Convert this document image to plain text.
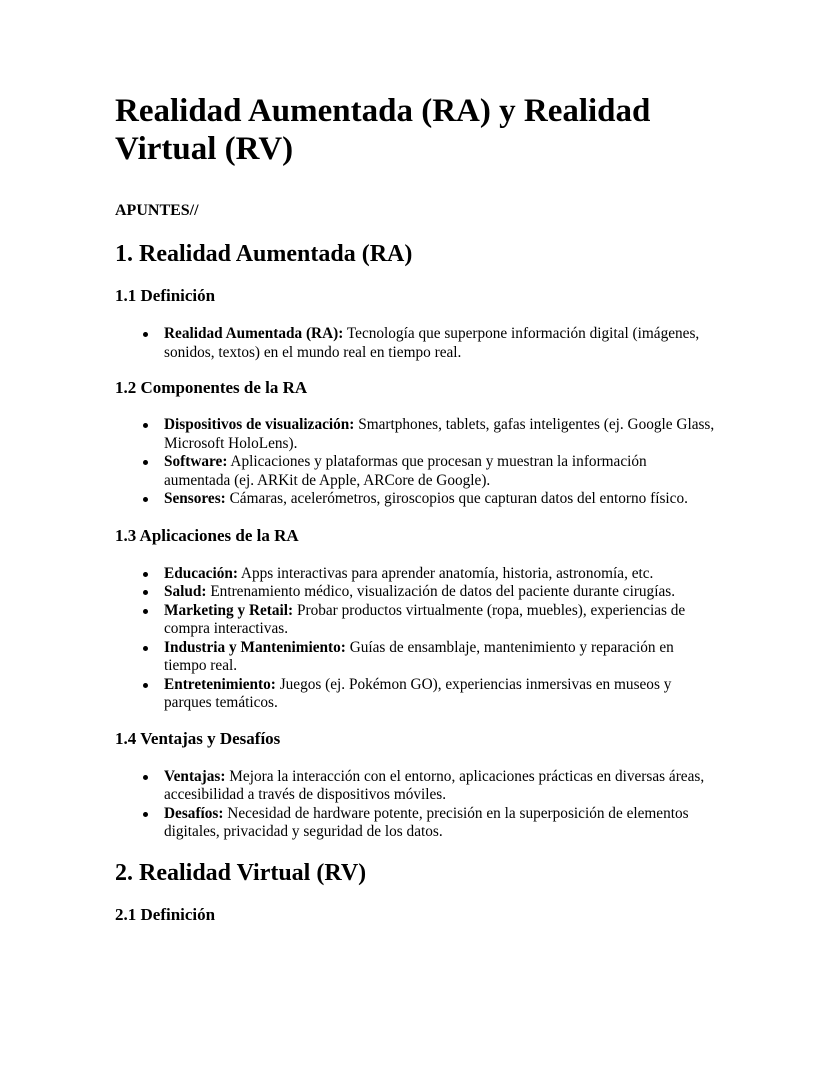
Realidad Aumentada (RA) y Realidad Virtual (RV)
APUNTES//
1. Realidad Aumentada (RA)
1.1 Definición
Realidad Aumentada (RA): Tecnología que superpone información digital (imágenes, sonidos, textos) en el mundo real en tiempo real.
1.2 Componentes de la RA
Dispositivos de visualización: Smartphones, tablets, gafas inteligentes (ej. Google Glass, Microsoft HoloLens).
Software: Aplicaciones y plataformas que procesan y muestran la información aumentada (ej. ARKit de Apple, ARCore de Google).
Sensores: Cámaras, acelerómetros, giroscopios que capturan datos del entorno físico.
1.3 Aplicaciones de la RA
Educación: Apps interactivas para aprender anatomía, historia, astronomía, etc.
Salud: Entrenamiento médico, visualización de datos del paciente durante cirugías.
Marketing y Retail: Probar productos virtualmente (ropa, muebles), experiencias de compra interactivas.
Industria y Mantenimiento: Guías de ensamblaje, mantenimiento y reparación en tiempo real.
Entretenimiento: Juegos (ej. Pokémon GO), experiencias inmersivas en museos y parques temáticos.
1.4 Ventajas y Desafíos
Ventajas: Mejora la interacción con el entorno, aplicaciones prácticas en diversas áreas, accesibilidad a través de dispositivos móviles.
Desafíos: Necesidad de hardware potente, precisión en la superposición de elementos digitales, privacidad y seguridad de los datos.
2. Realidad Virtual (RV)
2.1 Definición
